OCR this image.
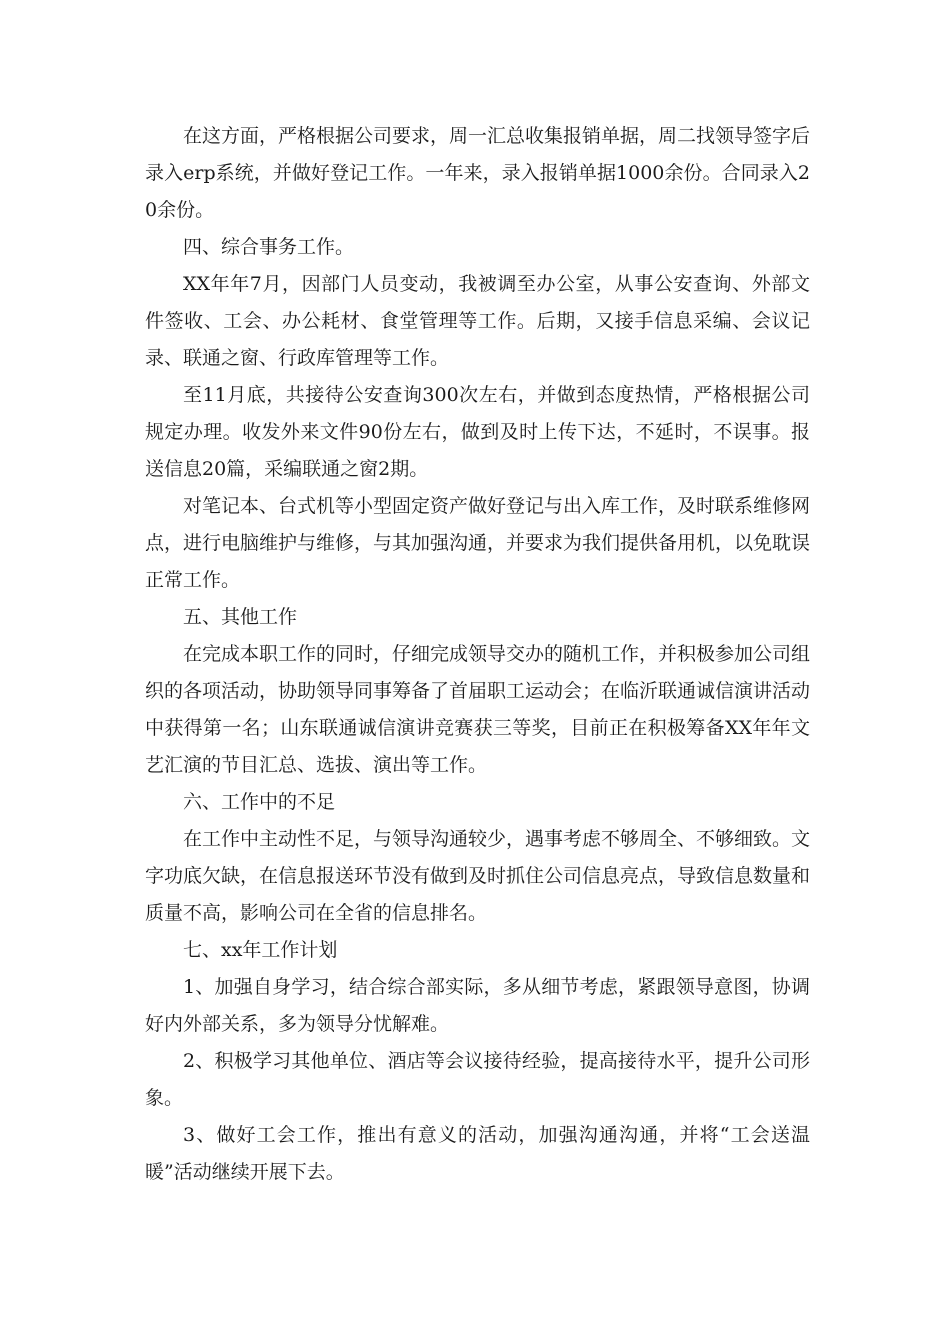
在这方面，严格根据公司要求，周一汇总收集报销单据，周二找领导签字后录入erp系统，并做好登记工作。一年来，录入报销单据1000余份。合同录入20余份。

四、综合事务工作。

XX年年7月，因部门人员变动，我被调至办公室，从事公安查询、外部文件签收、工会、办公耗材、食堂管理等工作。后期，又接手信息采编、会议记录、联通之窗、行政库管理等工作。

至11月底，共接待公安查询300次左右，并做到态度热情，严格根据公司规定办理。收发外来文件90份左右，做到及时上传下达，不延时，不误事。报送信息20篇，采编联通之窗2期。

对笔记本、台式机等小型固定资产做好登记与出入库工作，及时联系维修网点，进行电脑维护与维修，与其加强沟通，并要求为我们提供备用机，以免耽误正常工作。

五、其他工作

在完成本职工作的同时，仔细完成领导交办的随机工作，并积极参加公司组织的各项活动，协助领导同事筹备了首届职工运动会；在临沂联通诚信演讲活动中获得第一名；山东联通诚信演讲竞赛获三等奖，目前正在积极筹备XX年年文艺汇演的节目汇总、选拔、演出等工作。

六、工作中的不足

在工作中主动性不足，与领导沟通较少，遇事考虑不够周全、不够细致。文字功底欠缺，在信息报送环节没有做到及时抓住公司信息亮点，导致信息数量和质量不高，影响公司在全省的信息排名。

七、xx年工作计划

1、加强自身学习，结合综合部实际，多从细节考虑，紧跟领导意图，协调好内外部关系，多为领导分忧解难。

2、积极学习其他单位、酒店等会议接待经验，提高接待水平，提升公司形象。

3、做好工会工作，推出有意义的活动，加强沟通沟通，并将“工会送温暖”活动继续开展下去。
